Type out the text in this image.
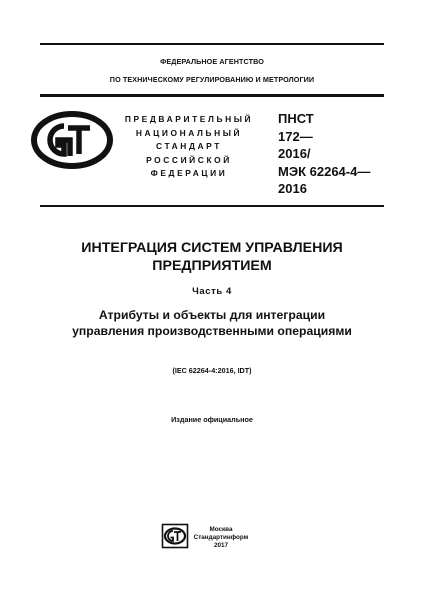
ФЕДЕРАЛЬНОЕ АГЕНТСТВО
ПО ТЕХНИЧЕСКОМУ РЕГУЛИРОВАНИЮ И МЕТРОЛОГИИ
ПРЕДВАРИТЕЛЬНЫЙ
НАЦИОНАЛЬНЫЙ
СТАНДАРТ
РОССИЙСКОЙ
ФЕДЕРАЦИИ
ПНСТ
172—
2016/
МЭК 62264-4—
2016
ИНТЕГРАЦИЯ СИСТЕМ УПРАВЛЕНИЯ
ПРЕДПРИЯТИЕМ
Часть 4
Атрибуты и объекты для интеграции
управления производственными операциями
(IEC 62264-4:2016, IDT)
Издание официальное
Москва
Стандартинформ
2017
